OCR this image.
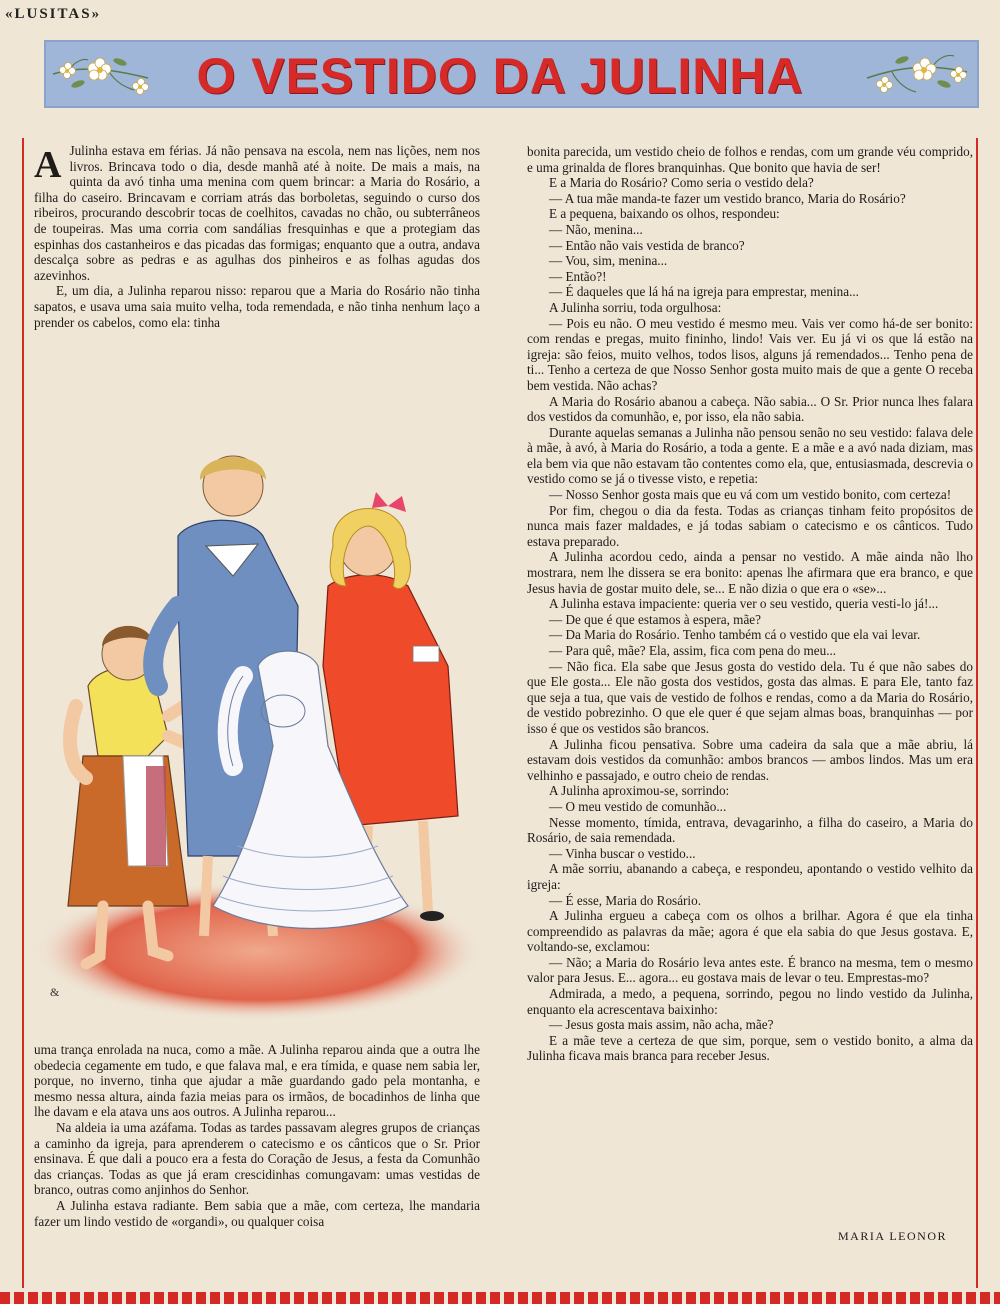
«LUSITAS»
O VESTIDO DA JULINHA

A Julinha estava em férias. Já não pensava na escola, nem nas lições, nem nos livros. Brincava todo o dia, desde manhã até à noite. De mais a mais, na quinta da avó tinha uma menina com quem brincar: a Maria do Rosário, a filha do caseiro. Brincavam e corriam atrás das borboletas, seguindo o curso dos ribeiros, procurando descobrir tocas de coelhitos, cavadas no chão, ou subterrâneos de toupeiras. Mas uma corria com sandálias fresquinhas e que a protegiam das espinhas dos castanheiros e das picadas das formigas; enquanto que a outra, andava descalça sobre as pedras e as agulhas dos pinheiros e as folhas agudas dos azevinhos.

E, um dia, a Julinha reparou nisso: reparou que a Maria do Rosário não tinha sapatos, e usava uma saia muito velha, toda remendada, e não tinha nenhum laço a prender os cabelos, como ela: tinha

&

uma trança enrolada na nuca, como a mãe. A Julinha reparou ainda que a outra lhe obedecia cegamente em tudo, e que falava mal, e era tímida, e quase nem sabia ler, porque, no inverno, tinha que ajudar a mãe guardando gado pela montanha, e mesmo nessa altura, ainda fazia meias para os irmãos, de bocadinhos de linha que lhe davam e ela atava uns aos outros. A Julinha reparou...

Na aldeia ia uma azáfama. Todas as tardes passavam alegres grupos de crianças a caminho da igreja, para aprenderem o catecismo e os cânticos que o Sr. Prior ensinava. É que dali a pouco era a festa do Coração de Jesus, a festa da Comunhão das crianças. Todas as que já eram crescidinhas comungavam: umas vestidas de branco, outras como anjinhos do Senhor.

A Julinha estava radiante. Bem sabia que a mãe, com certeza, lhe mandaria fazer um lindo vestido de «organdi», ou qualquer coisa

bonita parecida, um vestido cheio de folhos e rendas, com um grande véu comprido, e uma grinalda de flores branquinhas. Que bonito que havia de ser!

E a Maria do Rosário? Como seria o vestido dela?

— A tua mãe manda-te fazer um vestido branco, Maria do Rosário?

E a pequena, baixando os olhos, respondeu:

— Não, menina...

— Então não vais vestida de branco?

— Vou, sim, menina...

— Então?!

— É daqueles que lá há na igreja para emprestar, menina...

A Julinha sorriu, toda orgulhosa:

— Pois eu não. O meu vestido é mesmo meu. Vais ver como há-de ser bonito: com rendas e pregas, muito fininho, lindo! Vais ver. Eu já vi os que lá estão na igreja: são feios, muito velhos, todos lisos, alguns já remendados... Tenho pena de ti... Tenho a certeza de que Nosso Senhor gosta muito mais de que a gente O receba bem vestida. Não achas?

A Maria do Rosário abanou a cabeça. Não sabia... O Sr. Prior nunca lhes falara dos vestidos da comunhão, e, por isso, ela não sabia.

Durante aquelas semanas a Julinha não pensou senão no seu vestido: falava dele à mãe, à avó, à Maria do Rosário, a toda a gente. E a mãe e a avó nada diziam, mas ela bem via que não estavam tão contentes como ela, que, entusiasmada, descrevia o vestido como se já o tivesse visto, e repetia:

— Nosso Senhor gosta mais que eu vá com um vestido bonito, com certeza!

Por fim, chegou o dia da festa. Todas as crianças tinham feito propósitos de nunca mais fazer maldades, e já todas sabiam o catecismo e os cânticos. Tudo estava preparado.

A Julinha acordou cedo, ainda a pensar no vestido. A mãe ainda não lho mostrara, nem lhe dissera se era bonito: apenas lhe afirmara que era branco, e que Jesus havia de gostar muito dele, se... E não dizia o que era o «se»...

A Julinha estava impaciente: queria ver o seu vestido, queria vesti-lo já!...

— De que é que estamos à espera, mãe?

— Da Maria do Rosário. Tenho também cá o vestido que ela vai levar.

— Para quê, mãe? Ela, assim, fica com pena do meu...

— Não fica. Ela sabe que Jesus gosta do vestido dela. Tu é que não sabes do que Ele gosta... Ele não gosta dos vestidos, gosta das almas. E para Ele, tanto faz que seja a tua, que vais de vestido de folhos e rendas, como a da Maria do Rosário, de vestido pobrezinho. O que ele quer é que sejam almas boas, branquinhas — por isso é que os vestidos são brancos.

A Julinha ficou pensativa. Sobre uma cadeira da sala que a mãe abriu, lá estavam dois vestidos da comunhão: ambos brancos — ambos lindos. Mas um era velhinho e passajado, e outro cheio de rendas.

A Julinha aproximou-se, sorrindo:

— O meu vestido de comunhão...

Nesse momento, tímida, entrava, devagarinho, a filha do caseiro, a Maria do Rosário, de saia remendada.

— Vinha buscar o vestido...

A mãe sorriu, abanando a cabeça, e respondeu, apontando o vestido velhito da igreja:

— É esse, Maria do Rosário.

A Julinha ergueu a cabeça com os olhos a brilhar. Agora é que ela tinha compreendido as palavras da mãe; agora é que ela sabia do que Jesus gostava. E, voltando-se, exclamou:

— Não; a Maria do Rosário leva antes este. É branco na mesma, tem o mesmo valor para Jesus. E... agora... eu gostava mais de levar o teu. Emprestas-mo?

Admirada, a medo, a pequena, sorrindo, pegou no lindo vestido da Julinha, enquanto ela acrescentava baixinho:

— Jesus gosta mais assim, não acha, mãe?

E a mãe teve a certeza de que sim, porque, sem o vestido bonito, a alma da Julinha ficava mais branca para receber Jesus.

MARIA LEONOR
